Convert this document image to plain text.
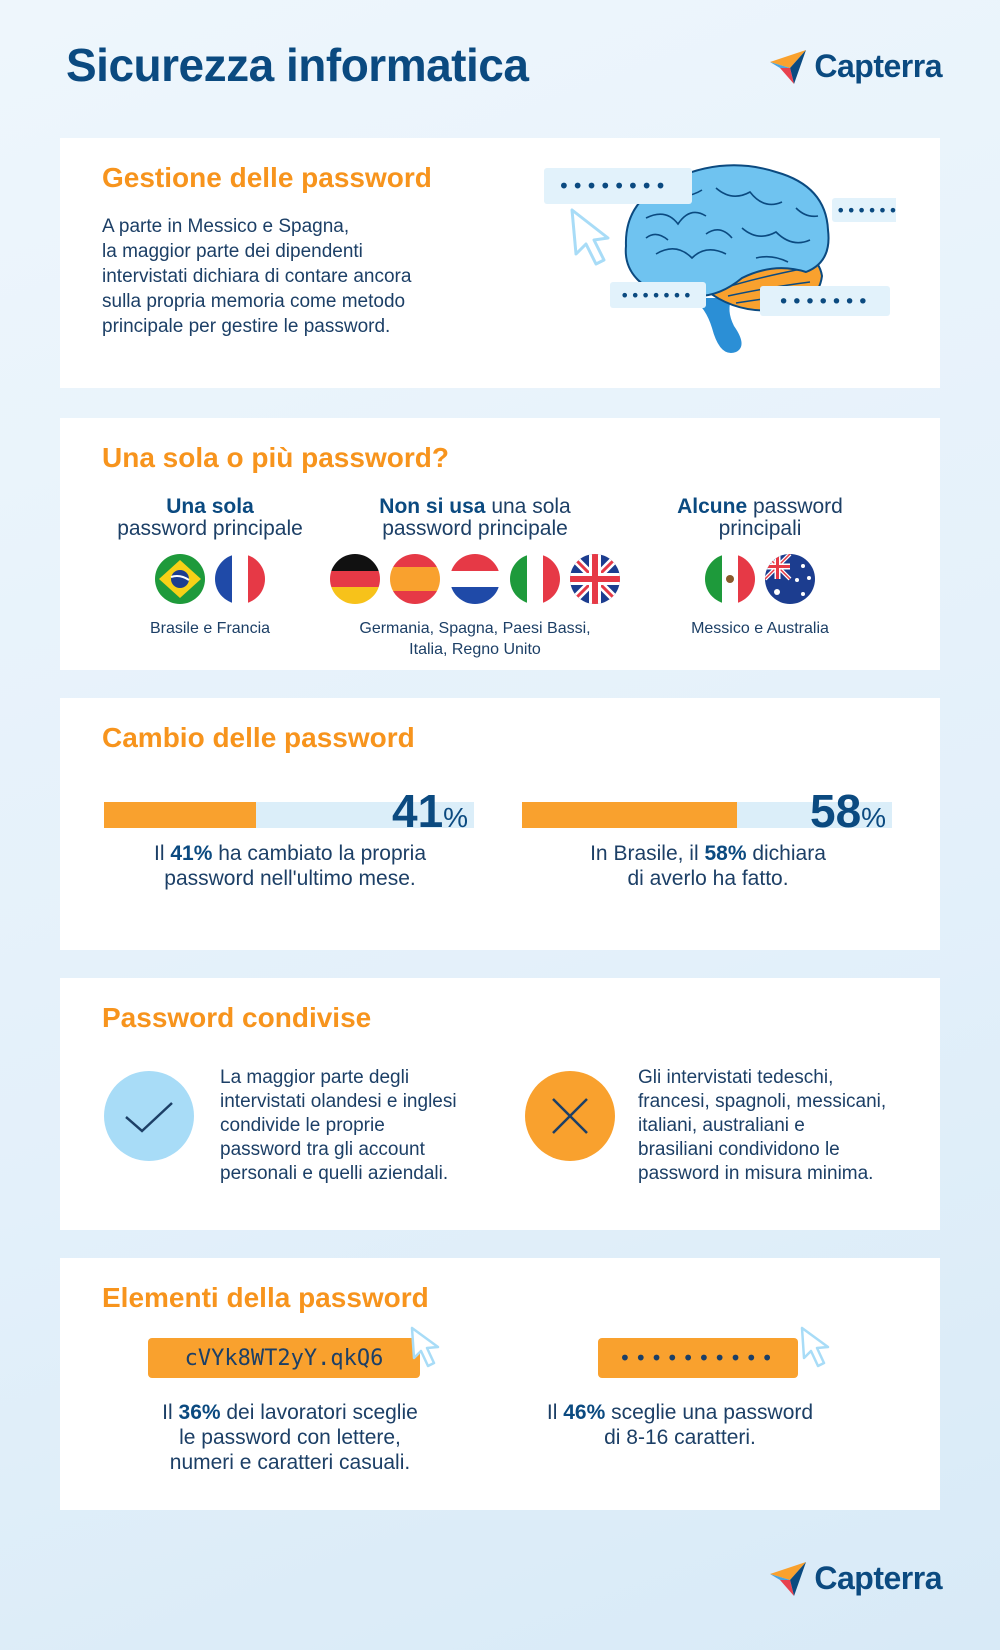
Sicurezza informatica	Capterra
Gestione delle password
A parte in Messico e Spagna,
la maggior parte dei dipendenti
intervistati dichiara di contare ancora
sulla propria memoria come metodo
principale per gestire le password.
••••••••
••••••
•••••••	•••••••
Una sola o più password?
Una sola
password principale
Brasile e Francia
Non si usa una sola
password principale
Germania, Spagna, Paesi Bassi,
Italia, Regno Unito
Alcune password
principali
Messico e Australia
Cambio delle password
41%
Il 41% ha cambiato la propria
password nell'ultimo mese.
58%
In Brasile, il 58% dichiara
di averlo ha fatto.
Password condivise
La maggior parte degli
intervistati olandesi e inglesi
condivide le proprie
password tra gli account
personali e quelli aziendali.
Gli intervistati tedeschi,
francesi, spagnoli, messicani,
italiani, australiani e
brasiliani condividono le
password in misura minima.
Elementi della password
cVYk8WT2yY.qkQ6
Il 36% dei lavoratori sceglie
le password con lettere,
numeri e caratteri casuali.
••••••••••
Il 46% sceglie una password
di 8-16 caratteri.
Capterra
